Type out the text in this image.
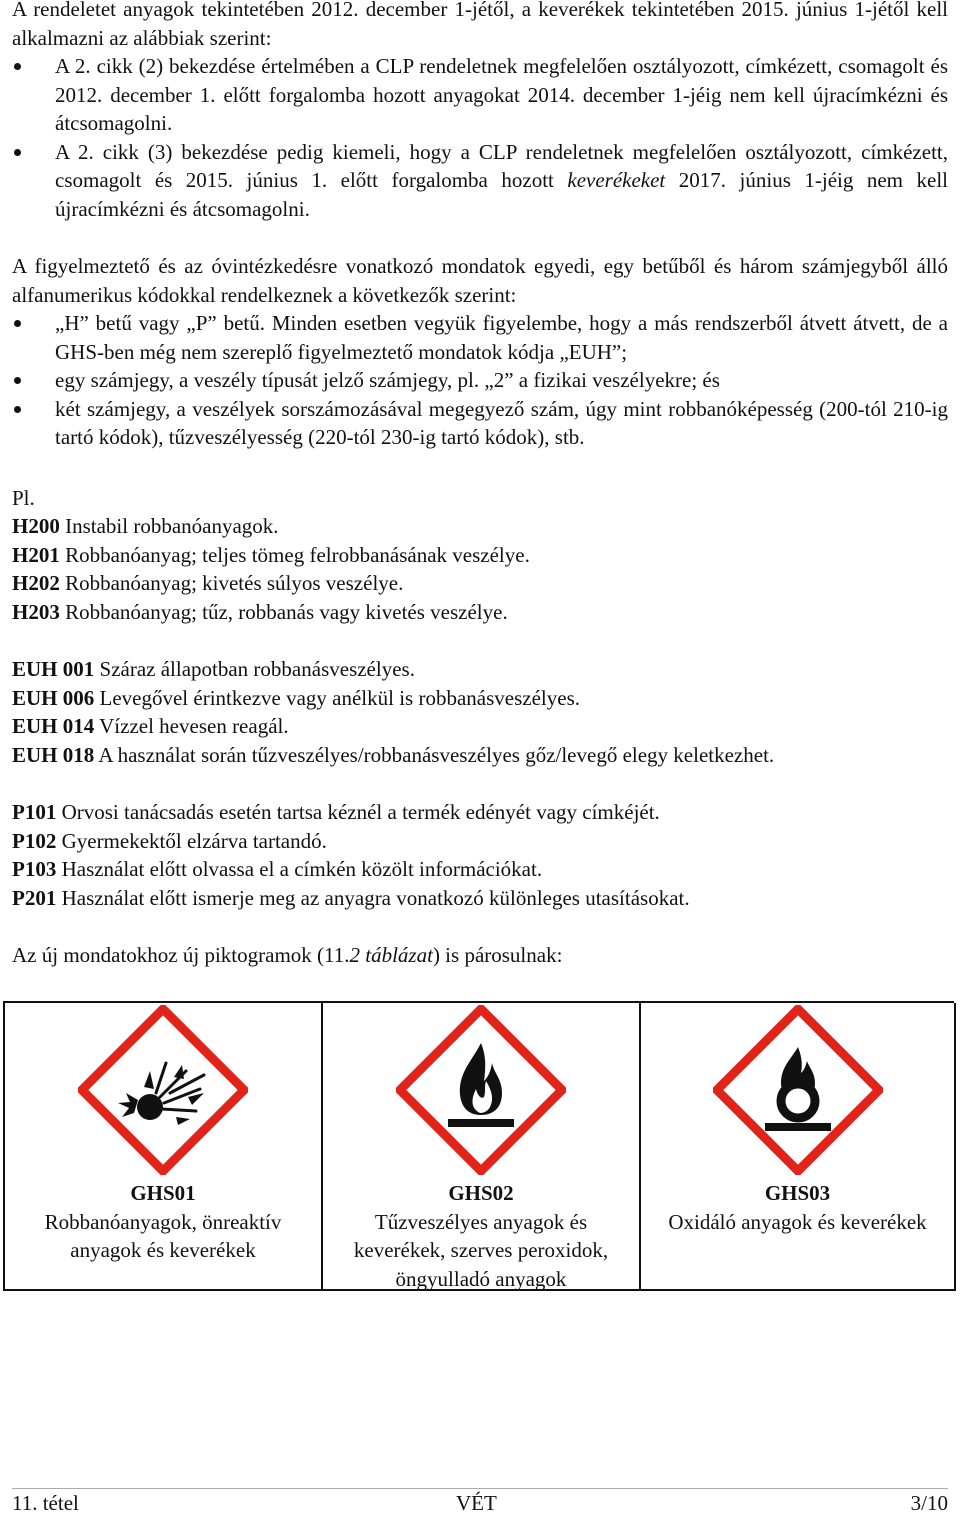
A rendeletet anyagok tekintetében 2012. december 1-jétől, a keverékek tekintetében 2015. június 1-jétől kell alkalmazni az alábbiak szerint:

A 2. cikk (2) bekezdése értelmében a CLP rendeletnek megfelelően osztályozott, címkézett, csomagolt és 2012. december 1. előtt forgalomba hozott anyagokat 2014. december 1-jéig nem kell újracímkézni és átcsomagolni.
A 2. cikk (3) bekezdése pedig kiemeli, hogy a CLP rendeletnek megfelelően osztályozott, címkézett, csomagolt és 2015. június 1. előtt forgalomba hozott keverékeket 2017. június 1-jéig nem kell újracímkézni és átcsomagolni.

A figyelmeztető és az óvintézkedésre vonatkozó mondatok egyedi, egy betűből és három számjegyből álló alfanumerikus kódokkal rendelkeznek a következők szerint:

„H” betű vagy „P” betű. Minden esetben vegyük figyelembe, hogy a más rendszerből átvett átvett, de a GHS-ben még nem szereplő figyelmeztető mondatok kódja „EUH”;
egy számjegy, a veszély típusát jelző számjegy, pl. „2” a fizikai veszélyekre; és
két számjegy, a veszélyek sorszámozásával megegyező szám, úgy mint robbanóképesség (200-tól 210-ig tartó kódok), tűzveszélyesség (220-tól 230-ig tartó kódok), stb.

Pl.

H200 Instabil robbanóanyagok.
H201 Robbanóanyag; teljes tömeg felrobbanásának veszélye.
H202 Robbanóanyag; kivetés súlyos veszélye.
H203 Robbanóanyag; tűz, robbanás vagy kivetés veszélye.
EUH 001 Száraz állapotban robbanásveszélyes.
EUH 006 Levegővel érintkezve vagy anélkül is robbanásveszélyes.
EUH 014 Vízzel hevesen reagál.
EUH 018 A használat során tűzveszélyes/robbanásveszélyes gőz/levegő elegy keletkezhet.
P101 Orvosi tanácsadás esetén tartsa kéznél a termék edényét vagy címkéjét.
P102 Gyermekektől elzárva tartandó.
P103 Használat előtt olvassa el a címkén közölt információkat.
P201 Használat előtt ismerje meg az anyagra vonatkozó különleges utasításokat.

Az új mondatokhoz új piktogramok (11.2 táblázat) is párosulnak:

GHS01
Robbanóanyagok, önreaktív anyagok és keverékek
GHS02
Tűzveszélyes anyagok és keverékek, szerves peroxidok, öngyulladó anyagok
GHS03
Oxidáló anyagok és keverékek
11. tétel	VÉT	3/10
